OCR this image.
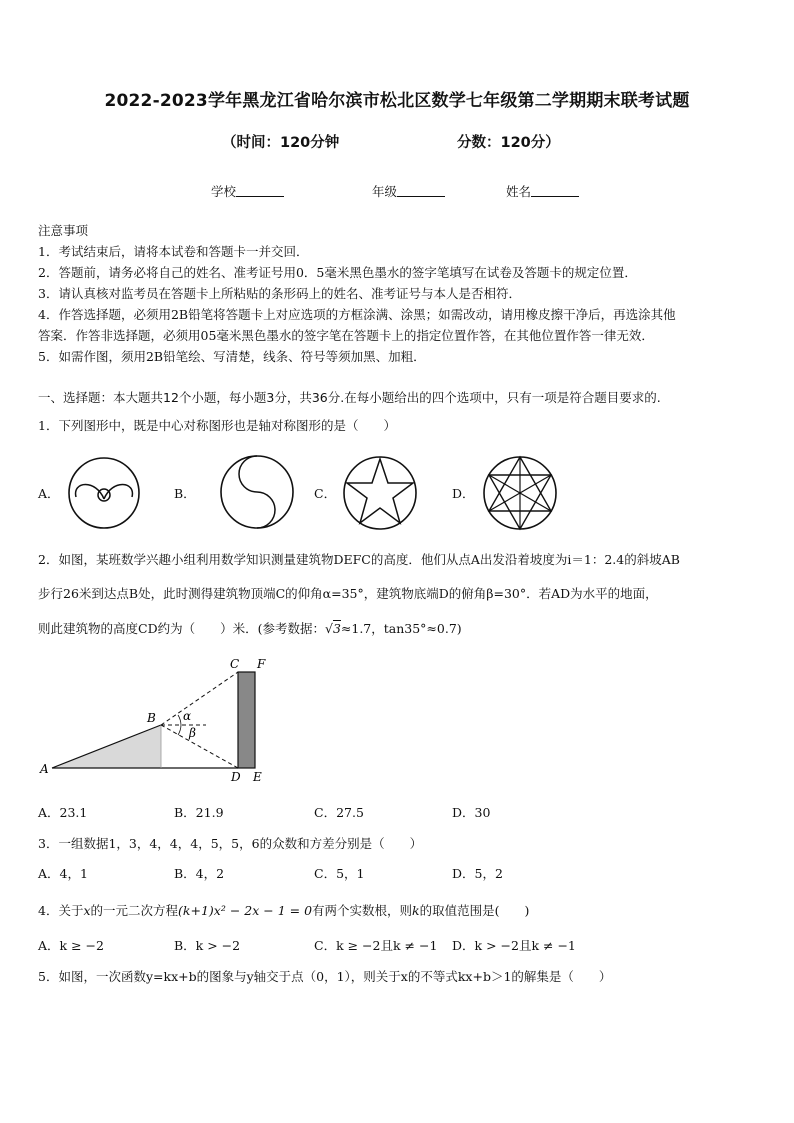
2022-2023学年黑龙江省哈尔滨市松北区数学七年级第二学期期末联考试题
（时间：120分钟	分数：120分）
学校	年级	姓名
注意事项
1．考试结束后，请将本试卷和答题卡一并交回．
2．答题前，请务必将自己的姓名、准考证号用0．5毫米黑色墨水的签字笔填写在试卷及答题卡的规定位置．
3．请认真核对监考员在答题卡上所粘贴的条形码上的姓名、准考证号与本人是否相符．
4．作答选择题，必须用2B铅笔将答题卡上对应选项的方框涂满、涂黑；如需改动，请用橡皮擦干净后，再选涂其他
答案．作答非选择题，必须用05毫米黑色墨水的签字笔在答题卡上的指定位置作答，在其他位置作答一律无效．
5．如需作图，须用2B铅笔绘、写清楚，线条、符号等须加黑、加粗．
一、选择题：本大题共12个小题，每小题3分，共36分.在每小题给出的四个选项中，只有一项是符合题目要求的.
1．下列图形中，既是中心对称图形也是轴对称图形的是（　　）
A．	B．	C．	D．
2．如图，某班数学兴趣小组利用数学知识测量建筑物DEFC的高度．他们从点A出发沿着坡度为i＝1：2.4的斜坡AB
步行26米到达点B处，此时测得建筑物顶端C的仰角α=35°，建筑物底端D的俯角β=30°．若AD为水平的地面，
则此建筑物的高度CD约为（　　）米．(参考数据：√3≈1.7，tan35°≈0.7)
A
B
C F
D E
α
β
A．23.1	B．21.9	C．27.5	D．30
3．一组数据1，3，4，4，4，5，5，6的众数和方差分别是（　　）
A．4，1	B．4，2	C．5，1	D．5，2
4．关于x的一元二次方程(k+1)x² − 2x − 1 = 0有两个实数根，则k的取值范围是(　　)
A．k ≥ −2	B．k > −2	C．k ≥ −2且k ≠ −1 D．k > −2且k ≠ −1
5．如图，一次函数y=kx+b的图象与y轴交于点（0，1），则关于x的不等式kx+b＞1的解集是（　　）
